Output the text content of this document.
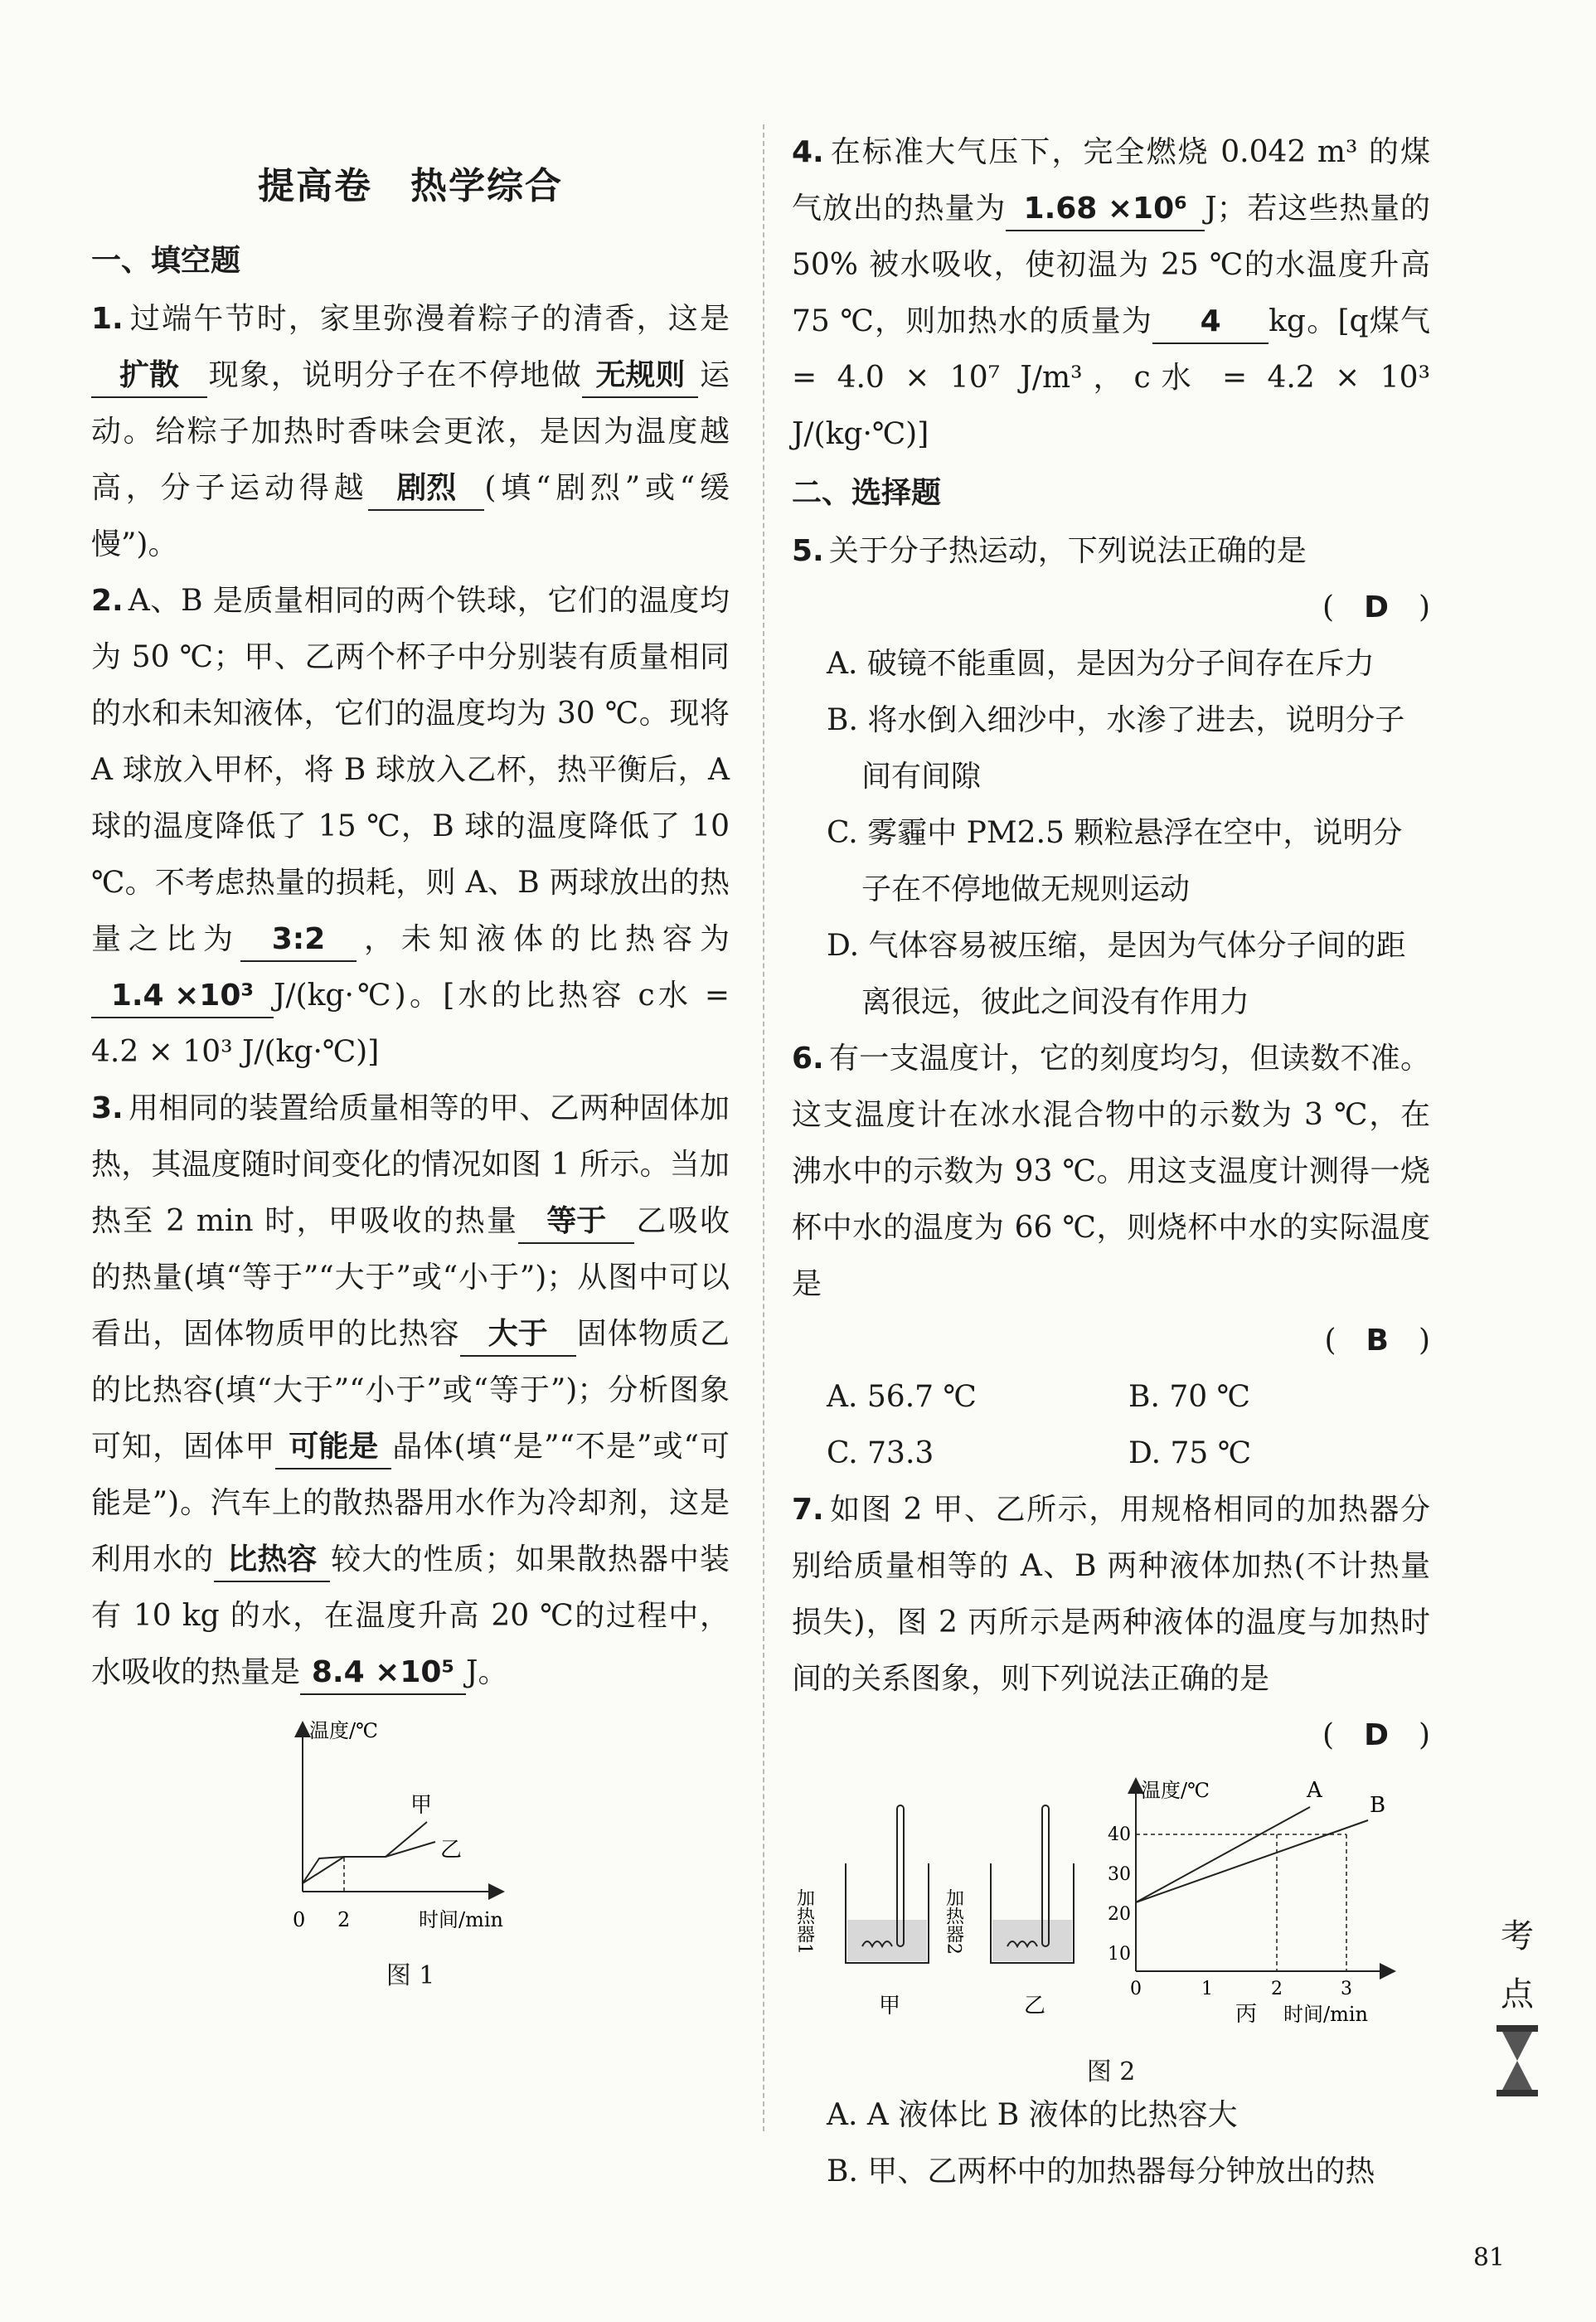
提高卷　热学综合
一、填空题

1. 过端午节时，家里弥漫着粽子的清香，这是扩散 现象，说明分子在不停地做 无规则 运动。给粽子加热时香味会更浓，是因为温度越高，分子运动得越 剧烈 (填“剧烈”或“缓慢”)。

2. A、B 是质量相同的两个铁球，它们的温度均为 50 ℃；甲、乙两个杯子中分别装有质量相同的水和未知液体，它们的温度均为 30 ℃。现将 A 球放入甲杯，将 B 球放入乙杯，热平衡后，A 球的温度降低了 15 ℃，B 球的温度降低了 10 ℃。不考虑热量的损耗，则 A、B 两球放出的热量之比为 3:2 ，未知液体的比热容为1.4 ×10³ J/(kg·℃)。[水的比热容 c水 = 4.2 × 10³ J/(kg·℃)]

3. 用相同的装置给质量相等的甲、乙两种固体加热，其温度随时间变化的情况如图 1 所示。当加热至 2 min 时，甲吸收的热量 等于 乙吸收的热量(填“等于”“大于”或“小于”)；从图中可以看出，固体物质甲的比热容 大于 固体物质乙的比热容(填“大于”“小于”或“等于”)；分析图象可知，固体甲 可能是 晶体(填“是”“不是”或“可能是”)。汽车上的散热器用水作为冷却剂，这是利用水的 比热容 较大的性质；如果散热器中装有 10 kg 的水，在温度升高 20 ℃的过程中，水吸收的热量是 8.4 ×10⁵ J。

温度/℃
时间/min
0 2
甲
乙
图 1

4. 在标准大气压下，完全燃烧 0.042 m³ 的煤气放出的热量为 1.68 ×10⁶ J；若这些热量的 50% 被水吸收，使初温为 25 ℃的水温度升高 75 ℃，则加热水的质量为 4 kg。[q煤气 = 4.0 × 10⁷ J/m³，c水 = 4.2 × 10³ J/(kg·℃)]

二、选择题

5. 关于分子热运动，下列说法正确的是

(　D　)
A. 破镜不能重圆，是因为分子间存在斥力
B. 将水倒入细沙中，水渗了进去，说明分子间有间隙
C. 雾霾中 PM2.5 颗粒悬浮在空中，说明分子在不停地做无规则运动
D. 气体容易被压缩，是因为气体分子间的距离很远，彼此之间没有作用力

6. 有一支温度计，它的刻度均匀，但读数不准。这支温度计在冰水混合物中的示数为 3 ℃，在沸水中的示数为 93 ℃。用这支温度计测得一烧杯中水的温度为 66 ℃，则烧杯中水的实际温度是

(　B　)
A. 56.7 ℃	B. 70 ℃
C. 73.3	D. 75 ℃

7. 如图 2 甲、乙所示，用规格相同的加热器分别给质量相等的 A、B 两种液体加热(不计热量损失)，图 2 丙所示是两种液体的温度与加热时间的关系图象，则下列说法正确的是

(　D　)
加热器1
甲
加热器2
乙
温度/℃
时间/min
丙
10
20
30
40
0	1	2	3
A
B
图 2
A. A 液体比 B 液体的比热容大
B. 甲、乙两杯中的加热器每分钟放出的热
考
点
81
